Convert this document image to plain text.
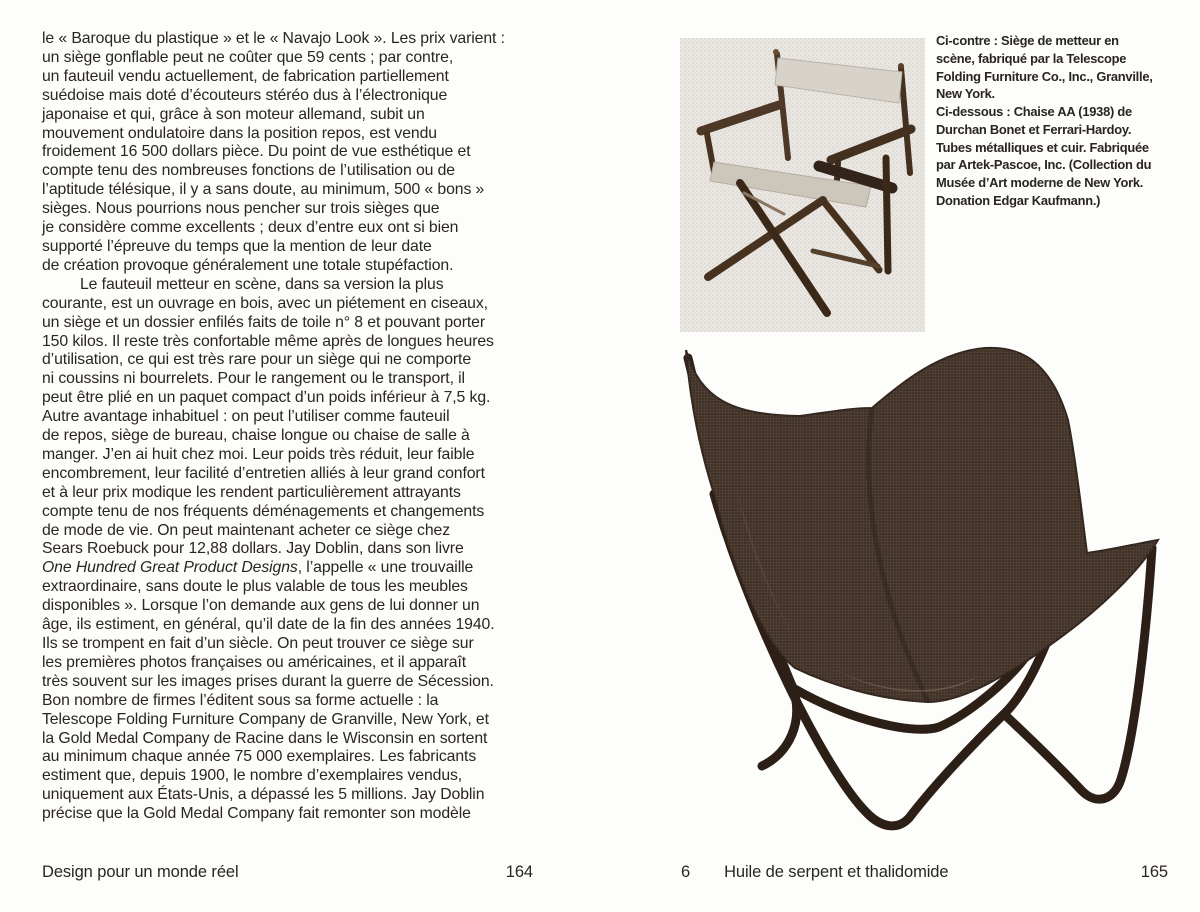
le « Baroque du plastique » et le « Navajo Look ». Les prix varient :
un siège gonflable peut ne coûter que 59 cents ; par contre,
un fauteuil vendu actuellement, de fabrication partiellement
suédoise mais doté d’écouteurs stéréo dus à l’électronique
japonaise et qui, grâce à son moteur allemand, subit un
mouvement ondulatoire dans la position repos, est vendu
froidement 16 500 dollars pièce. Du point de vue esthétique et
compte tenu des nombreuses fonctions de l’utilisation ou de
l’aptitude télésique, il y a sans doute, au minimum, 500 « bons »
sièges. Nous pourrions nous pencher sur trois sièges que
je considère comme excellents ; deux d’entre eux ont si bien
supporté l’épreuve du temps que la mention de leur date
de création provoque généralement une totale stupéfaction.
Le fauteuil metteur en scène, dans sa version la plus
courante, est un ouvrage en bois, avec un piétement en ciseaux,
un siège et un dossier enfilés faits de toile n° 8 et pouvant porter
150 kilos. Il reste très confortable même après de longues heures
d’utilisation, ce qui est très rare pour un siège qui ne comporte
ni coussins ni bourrelets. Pour le rangement ou le transport, il
peut être plié en un paquet compact d’un poids inférieur à 7,5 kg.
Autre avantage inhabituel : on peut l’utiliser comme fauteuil
de repos, siège de bureau, chaise longue ou chaise de salle à
manger. J’en ai huit chez moi. Leur poids très réduit, leur faible
encombrement, leur facilité d’entretien alliés à leur grand confort
et à leur prix modique les rendent particulièrement attrayants
compte tenu de nos fréquents déménagements et changements
de mode de vie. On peut maintenant acheter ce siège chez
Sears Roebuck pour 12,88 dollars. Jay Doblin, dans son livre
One Hundred Great Product Designs, l’appelle « une trouvaille
extraordinaire, sans doute le plus valable de tous les meubles
disponibles ». Lorsque l’on demande aux gens de lui donner un
âge, ils estiment, en général, qu’il date de la fin des années 1940.
Ils se trompent en fait d’un siècle. On peut trouver ce siège sur
les premières photos françaises ou américaines, et il apparaît
très souvent sur les images prises durant la guerre de Sécession.
Bon nombre de firmes l’éditent sous sa forme actuelle : la
Telescope Folding Furniture Company de Granville, New York, et
la Gold Medal Company de Racine dans le Wisconsin en sortent
au minimum chaque année 75 000 exemplaires. Les fabricants
estiment que, depuis 1900, le nombre d’exemplaires vendus,
uniquement aux États-Unis, a dépassé les 5 millions. Jay Doblin
précise que la Gold Medal Company fait remonter son modèle
Design pour un monde réel	164
Ci-contre : Siège de metteur en
scène, fabriqué par la Telescope
Folding Furniture Co., Inc., Granville,
New York.
Ci-dessous : Chaise AA (1938) de
Durchan Bonet et Ferrari-Hardoy.
Tubes métalliques et cuir. Fabriquée
par Artek-Pascoe, Inc. (Collection du
Musée d’Art moderne de New York.
Donation Edgar Kaufmann.)
6 Huile de serpent et thalidomide	165
